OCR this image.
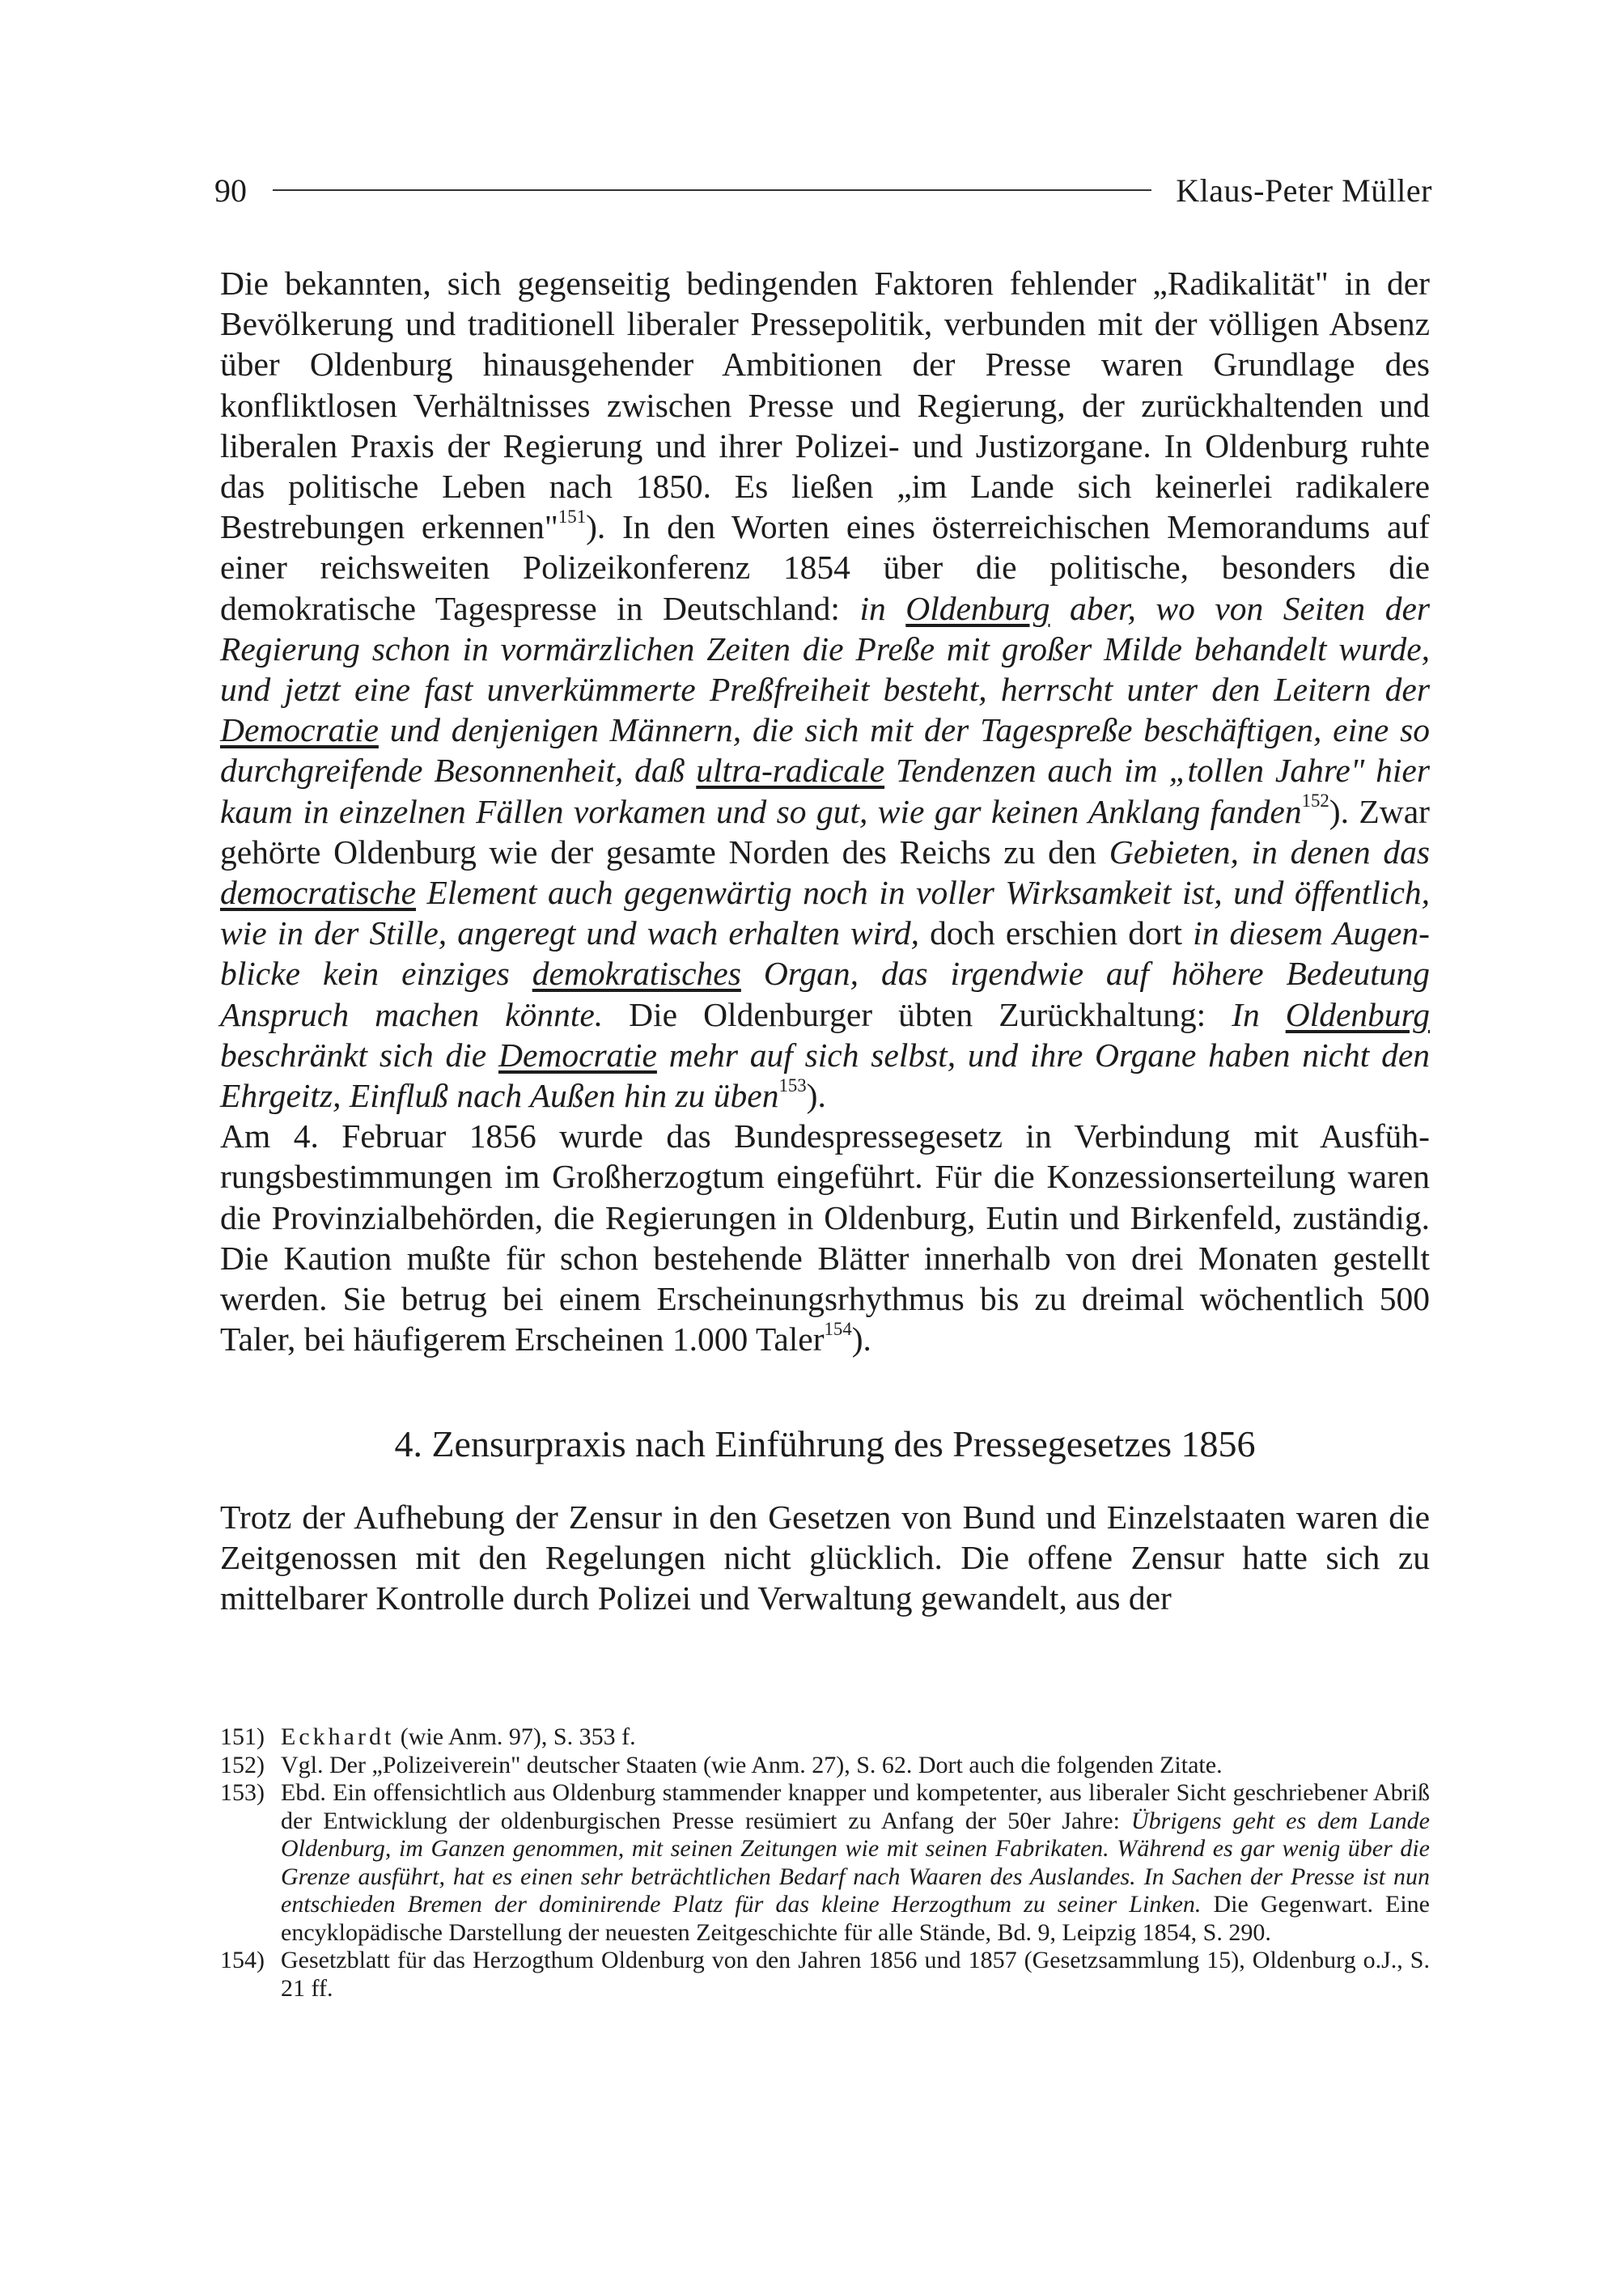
90	Klaus-Peter Müller

Die bekannten, sich gegenseitig bedingenden Faktoren fehlender „Radikalität" in der Bevölkerung und traditionell liberaler Pressepolitik, verbunden mit der völligen Absenz über Oldenburg hinausgehender Ambitionen der Presse waren Grundlage des konfliktlosen Verhältnisses zwischen Presse und Regierung, der zurückhaltenden und liberalen Praxis der Regierung und ihrer Polizei- und Justizorgane. In Oldenburg ruhte das politische Leben nach 1850. Es ließen „im Lande sich keinerlei radikalere Bestrebungen erkennen"$^{151}$). In den Worten eines österreichischen Memorandums auf einer reichsweiten Polizeikonferenz 1854 über die politische, besonders die demokratische Tagespresse in Deutschland: in Oldenburg aber, wo von Seiten der Regierung schon in vormärzlichen Zeiten die Preße mit großer Milde behandelt wurde, und jetzt eine fast unverkümmerte Preßfreiheit besteht, herrscht unter den Leitern der Democratie und denjenigen Männern, die sich mit der Tagespreße beschäftigen, eine so durchgreifende Besonnenheit, daß ultra-radicale Tendenzen auch im „tollen Jahre" hier kaum in einzelnen Fällen vorkamen und so gut, wie gar keinen Anklang fanden$^{152}$). Zwar gehörte Oldenburg wie der gesamte Norden des Reichs zu den Gebieten, in denen das democratische Element auch gegenwärtig noch in voller Wirksamkeit ist, und öffentlich, wie in der Stille, angeregt und wach erhalten wird, doch erschien dort in diesem Augenblicke kein einziges demokratisches Organ, das irgendwie auf höhere Bedeutung Anspruch machen könnte. Die Oldenburger übten Zurückhaltung: In Oldenburg beschränkt sich die Democratie mehr auf sich selbst, und ihre Organe haben nicht den Ehrgeitz, Einfluß nach Außen hin zu üben$^{153}$).

Am 4. Februar 1856 wurde das Bundespressegesetz in Verbindung mit Ausführungsbestimmungen im Großherzogtum eingeführt. Für die Konzessionserteilung waren die Provinzialbehörden, die Regierungen in Oldenburg, Eutin und Birkenfeld, zuständig. Die Kaution mußte für schon bestehende Blätter innerhalb von drei Monaten gestellt werden. Sie betrug bei einem Erscheinungsrhythmus bis zu dreimal wöchentlich 500 Taler, bei häufigerem Erscheinen 1.000 Taler$^{154}$).

4. Zensurpraxis nach Einführung des Pressegesetzes 1856

Trotz der Aufhebung der Zensur in den Gesetzen von Bund und Einzelstaaten waren die Zeitgenossen mit den Regelungen nicht glücklich. Die offene Zensur hatte sich zu mittelbarer Kontrolle durch Polizei und Verwaltung gewandelt, aus der

151) Eckhardt (wie Anm. 97), S. 353 f.
152) Vgl. Der „Polizeiverein" deutscher Staaten (wie Anm. 27), S. 62. Dort auch die folgenden Zitate.
153) Ebd. Ein offensichtlich aus Oldenburg stammender knapper und kompetenter, aus liberaler Sicht geschriebener Abriß der Entwicklung der oldenburgischen Presse resümiert zu Anfang der 50er Jahre: Übrigens geht es dem Lande Oldenburg, im Ganzen genommen, mit seinen Zeitungen wie mit seinen Fabrikaten. Während es gar wenig über die Grenze ausführt, hat es einen sehr beträchtlichen Bedarf nach Waaren des Auslandes. In Sachen der Presse ist nun entschieden Bremen der dominirende Platz für das kleine Herzogthum zu seiner Linken. Die Gegenwart. Eine encyklopädische Darstellung der neuesten Zeitgeschichte für alle Stände, Bd. 9, Leipzig 1854, S. 290.
154) Gesetzblatt für das Herzogthum Oldenburg von den Jahren 1856 und 1857 (Gesetzsammlung 15), Oldenburg o.J., S. 21 ff.
